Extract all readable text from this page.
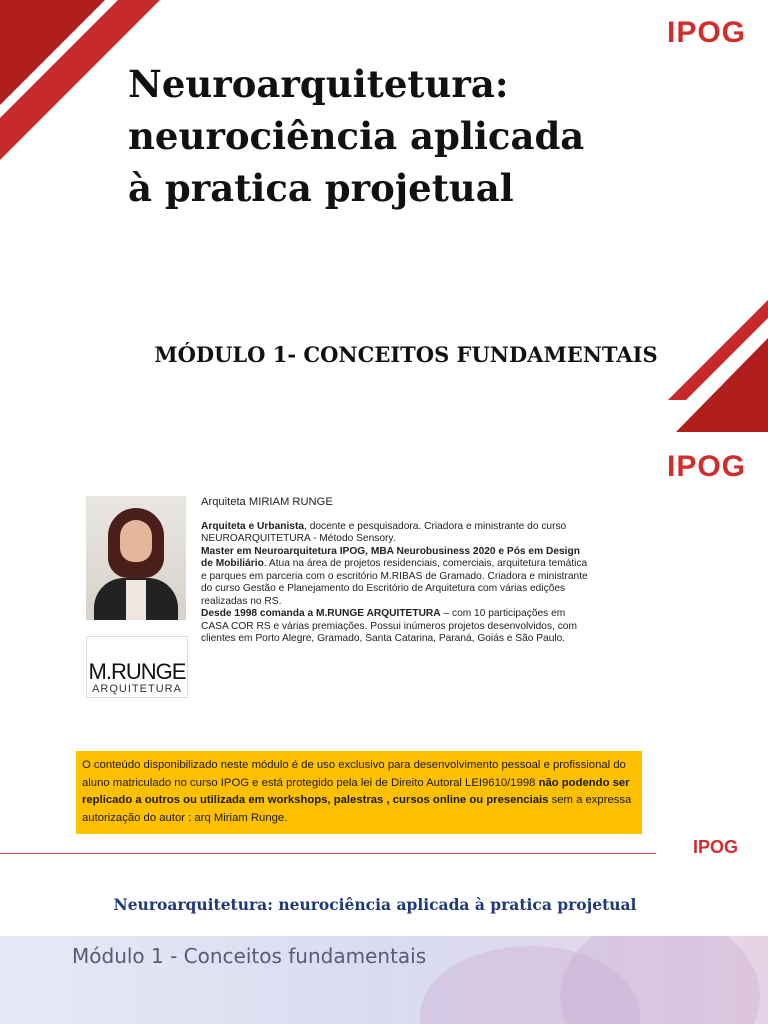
IPOG
Neuroarquitetura:
neurociência aplicada
à pratica projetual
MÓDULO 1- CONCEITOS FUNDAMENTAIS
IPOG
M.RUNGE
ARQUITETURA

Arquiteta MIRIAM RUNGE

Arquiteta e Urbanista, docente e pesquisadora. Criadora e ministrante do curso NEUROARQUITETURA - Método Sensory.

Master em Neuroarquitetura IPOG, MBA Neurobusiness 2020 e Pós em Design de Mobiliário. Atua na área de projetos residenciais, comerciais, arquitetura temática e parques em parceria com o escritório M.RIBAS de Gramado. Criadora e ministrante do curso Gestão e Planejamento do Escritório de Arquitetura com várias edições realizadas no RS.

Desde 1998 comanda a M.RUNGE ARQUITETURA – com 10 participações em CASA COR RS e várias premiações. Possui inúmeros projetos desenvolvidos, com clientes em Porto Alegre, Gramado, Santa Catarina, Paraná, Goiás e São Paulo.

O conteúdo disponibilizado neste módulo é de uso exclusivo para desenvolvimento pessoal e profissional do aluno matriculado no curso IPOG e está protegido pela lei de Direito Autoral LEI9610/1998 não podendo ser replicado a outros ou utilizada em workshops, palestras , cursos online ou presenciais sem a expressa autorização do autor : arq Miriam Runge.
IPOG
Neuroarquitetura: neurociência aplicada à pratica projetual
Módulo 1 - Conceitos fundamentais
